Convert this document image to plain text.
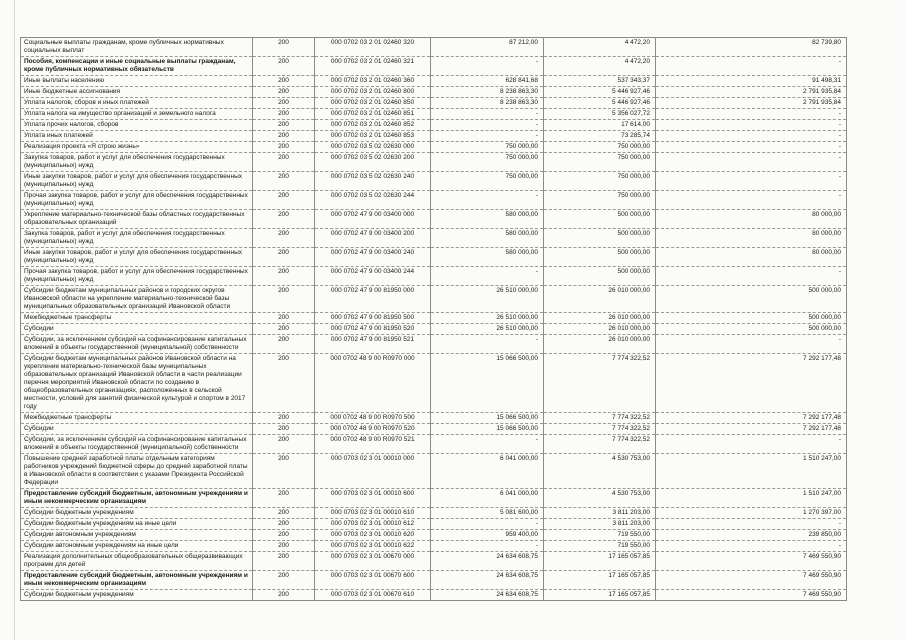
Социальные выплаты гражданам, кроме публичных нормативных социальных выплат	200	000 0702 03 2 01 02460 320	87 212,00	4 472,20	82 739,80
Пособия, компенсации и иные социальные выплаты гражданам, кроме публичных нормативных обязательств	200	000 0702 03 2 01 02460 321	-	4 472,20	-
Иные выплаты населению	200	000 0702 03 2 01 02460 360	628 841,68	537 343,37	91 498,31
Иные бюджетные ассигнования	200	000 0702 03 2 01 02460 800	8 238 863,30	5 446 927,46	2 791 935,84
Уплата налогов, сборов и иных платежей	200	000 0702 03 2 01 02460 850	8 238 863,30	5 446 927,46	2 791 935,84
Уплата налога на имущество организаций и земельного налога	200	000 0702 03 2 01 02460 851	-	5 356 027,72	-
Уплата прочих налогов, сборов	200	000 0702 03 2 01 02460 852	-	17 614,00	-
Уплата иных платежей	200	000 0702 03 2 01 02460 853	-	73 285,74	-
Реализация проекта «Я строю жизнь»	200	000 0702 03 5 02 02630 000	750 000,00	750 000,00	-
Закупка товаров, работ и услуг для обеспечения государственных (муниципальных) нужд	200	000 0702 03 5 02 02630 200	750 000,00	750 000,00	-
Иные закупки товаров, работ и услуг для обеспечения государственных (муниципальных) нужд	200	000 0702 03 5 02 02630 240	750 000,00	750 000,00	-
Прочая закупка товаров, работ и услуг для обеспечения государственных (муниципальных) нужд	200	000 0702 03 5 02 02630 244	-	750 000,00	-
Укрепление материально-технической базы областных государственных образовательных организаций	200	000 0702 47 9 00 03400 000	580 000,00	500 000,00	80 000,00
Закупка товаров, работ и услуг для обеспечения государственных (муниципальных) нужд	200	000 0702 47 9 00 03400 200	580 000,00	500 000,00	80 000,00
Иные закупки товаров, работ и услуг для обеспечения государственных (муниципальных) нужд	200	000 0702 47 9 00 03400 240	580 000,00	500 000,00	80 000,00
Прочая закупка товаров, работ и услуг для обеспечения государственных (муниципальных) нужд	200	000 0702 47 9 00 03400 244	-	500 000,00	-
Субсидии бюджетам муниципальных районов и городских округов Ивановской области на укрепление материально-технической базы муниципальных образовательных организаций Ивановской области	200	000 0702 47 9 00 81950 000	26 510 000,00	26 010 000,00	500 000,00
Межбюджетные трансферты	200	000 0702 47 9 00 81950 500	26 510 000,00	26 010 000,00	500 000,00
Субсидии	200	000 0702 47 9 00 81950 520	26 510 000,00	26 010 000,00	500 000,00
Субсидии, за исключением субсидий на софинансирование капитальных вложений в объекты государственной (муниципальной) собственности	200	000 0702 47 9 00 81950 521	-	26 010 000,00	-
Субсидии бюджетам муниципальных районов Ивановской области на укрепление материально-технической базы муниципальных образовательных организаций Ивановской области в части реализации перечня мероприятий Ивановской области по созданию в общеобразовательных организациях, расположенных в сельской местности, условий для занятий физической культурой и спортом в 2017 году	200	000 0702 48 9 00 R0970 000	15 066 500,00	7 774 322,52	7 292 177,48
Межбюджетные трансферты	200	000 0702 48 9 00 R0970 500	15 066 500,00	7 774 322,52	7 292 177,48
Субсидии	200	000 0702 48 9 00 R0970 520	15 066 500,00	7 774 322,52	7 292 177,48
Субсидии, за исключением субсидий на софинансирование капитальных вложений в объекты государственной (муниципальной) собственности	200	000 0702 48 9 00 R0970 521	-	7 774 322,52	-
Повышение средней заработной платы отдельным категориям работников учреждений бюджетной сферы до средней заработной платы в Ивановской области в соответствии с указами Президента Российской Федерации	200	000 0703 02 3 01 00010 000	6 041 000,00	4 530 753,00	1 510 247,00
Предоставление субсидий бюджетным, автономным учреждениям и иным некоммерческим организациям	200	000 0703 02 3 01 00010 600	6 041 000,00	4 530 753,00	1 510 247,00
Субсидии бюджетным учреждениям	200	000 0703 02 3 01 00010 610	5 081 600,00	3 811 203,00	1 270 397,00
Субсидии бюджетным учреждениям на иные цели	200	000 0703 02 3 01 00010 612	-	3 811 203,00	-
Субсидии автономным учреждениям	200	000 0703 02 3 01 00010 620	959 400,00	719 550,00	239 850,00
Субсидии автономным учреждениям на иные цели	200	000 0703 02 3 01 00010 622	-	719 550,00	-
Реализация дополнительных общеобразовательных общеразвивающих программ для детей	200	000 0703 02 3 01 00670 000	24 634 608,75	17 165 057,85	7 469 550,90
Предоставление субсидий бюджетным, автономным учреждениям и иным некоммерческим организациям	200	000 0703 02 3 01 00670 600	24 634 608,75	17 165 057,85	7 469 550,90
Субсидии бюджетным учреждениям	200	000 0703 02 3 01 00670 610	24 634 608,75	17 165 057,85	7 469 550,90
